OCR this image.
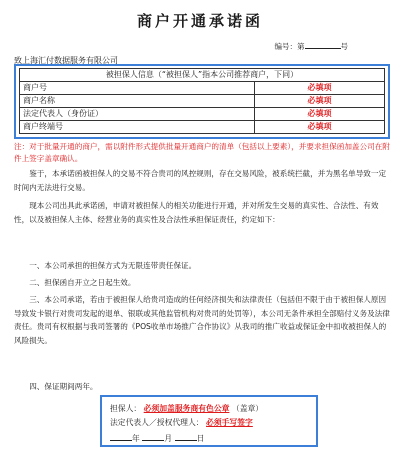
商户开通承诺函
编号：第	号
致上海汇付数据服务有限公司
被担保人信息（“被担保人”指本公司推荐商户，下同）	
商户号	必填项
商户名称	必填项
法定代表人（身份证）	必填项
商户终端号	必填项
注：对于批量开通的商户，需以附件形式提供批量开通商户的清单（包括以上要素），并要求担保函加盖公司在附件上签字盖章确认。
鉴于，本承诺函被担保人的交易不符合贵司的风控规则，存在交易风险，被系统拦截，并为黑名单导致一定时间内无法进行交易。
现本公司出具此承诺函，申请对被担保人的相关功能进行开通，并对所发生交易的真实性、合法性、有效性，以及被担保人主体、经营业务的真实性及合法性承担保证责任，约定如下：
一、本公司承担的担保方式为无限连带责任保证。
二、担保函自开立之日起生效。
三、本公司承诺，若由于被担保人给贵司造成的任何经济损失和法律责任（包括但不限于由于被担保人原因导致发卡银行对贵司发起的退单、银联或其他监管机构对贵司的处罚等），本公司无条件承担全部赔付义务及法律责任。贵司有权根据与我司签署的《POS收单市场推广合作协议》从我司的推广收益或保证金中扣收被担保人的风险损失。
四、保证期间两年。
担保人： 必须加盖服务商有色公章 （盖章）
法定代表人／授权代理人： 必须手写签字
年	月	日
